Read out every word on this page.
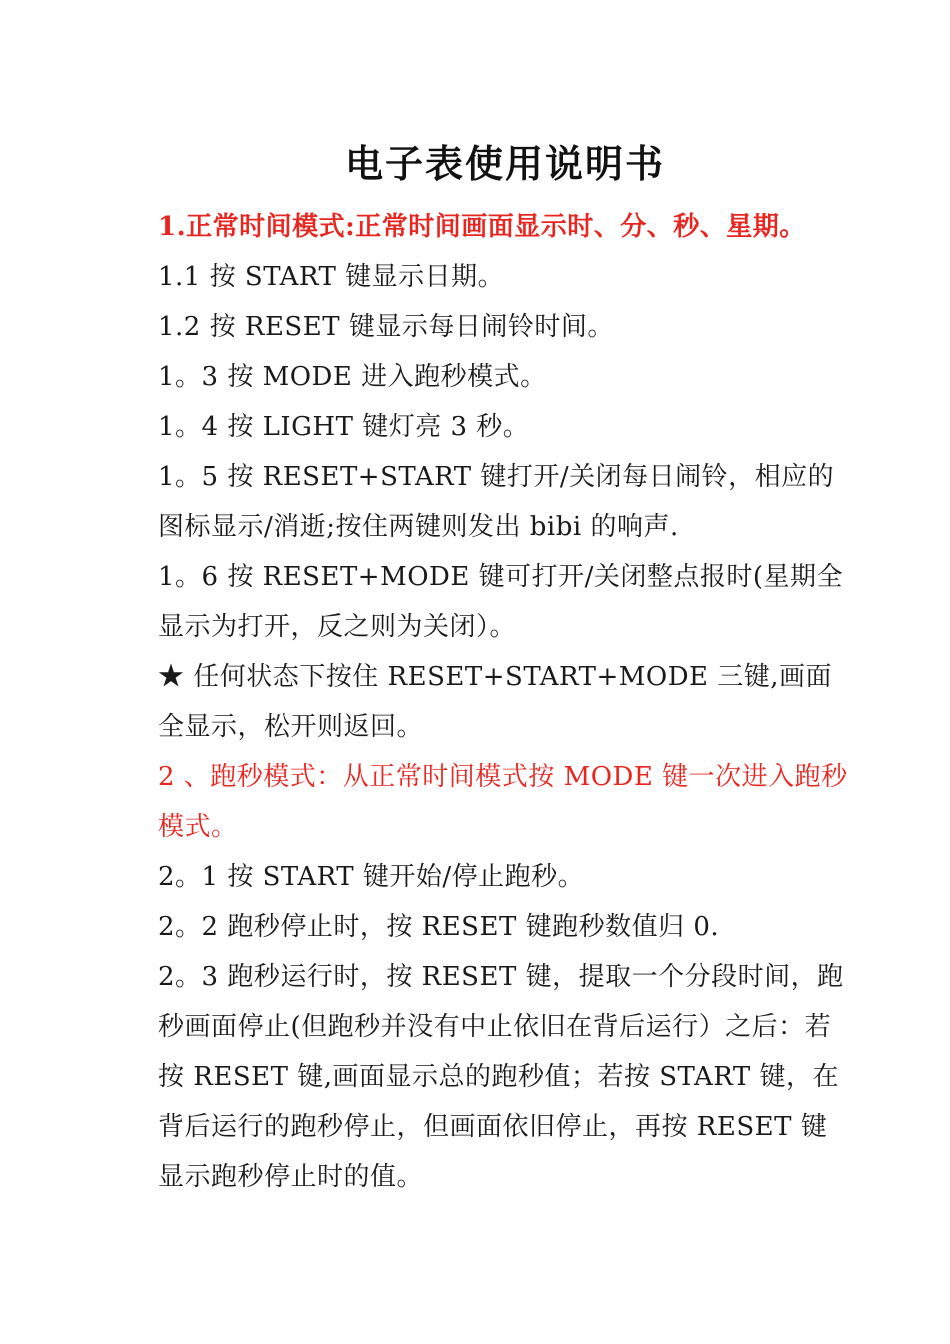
电子表使用说明书

1.正常时间模式:正常时间画面显示时、分、秒、星期。

1.1 按 START 键显示日期。

1.2 按 RESET 键显示每日闹铃时间。

1。3 按 MODE 进入跑秒模式。

1。4 按 LIGHT 键灯亮 3 秒。

1。5 按 RESET+START 键打开/关闭每日闹铃，相应的图标显示/消逝;按住两键则发出 bibi 的响声.

1。6 按 RESET+MODE 键可打开/关闭整点报时(星期全显示为打开，反之则为关闭）。

★ 任何状态下按住 RESET+START+MODE 三键,画面全显示，松开则返回。

2 、跑秒模式：从正常时间模式按 MODE 键一次进入跑秒模式。

2。1 按 START 键开始/停止跑秒。

2。2 跑秒停止时，按 RESET 键跑秒数值归 0.

2。3 跑秒运行时，按 RESET 键，提取一个分段时间，跑秒画面停止(但跑秒并没有中止依旧在背后运行）之后：若按 RESET 键,画面显示总的跑秒值；若按 START 键，在背后运行的跑秒停止，但画面依旧停止，再按 RESET 键显示跑秒停止时的值。
